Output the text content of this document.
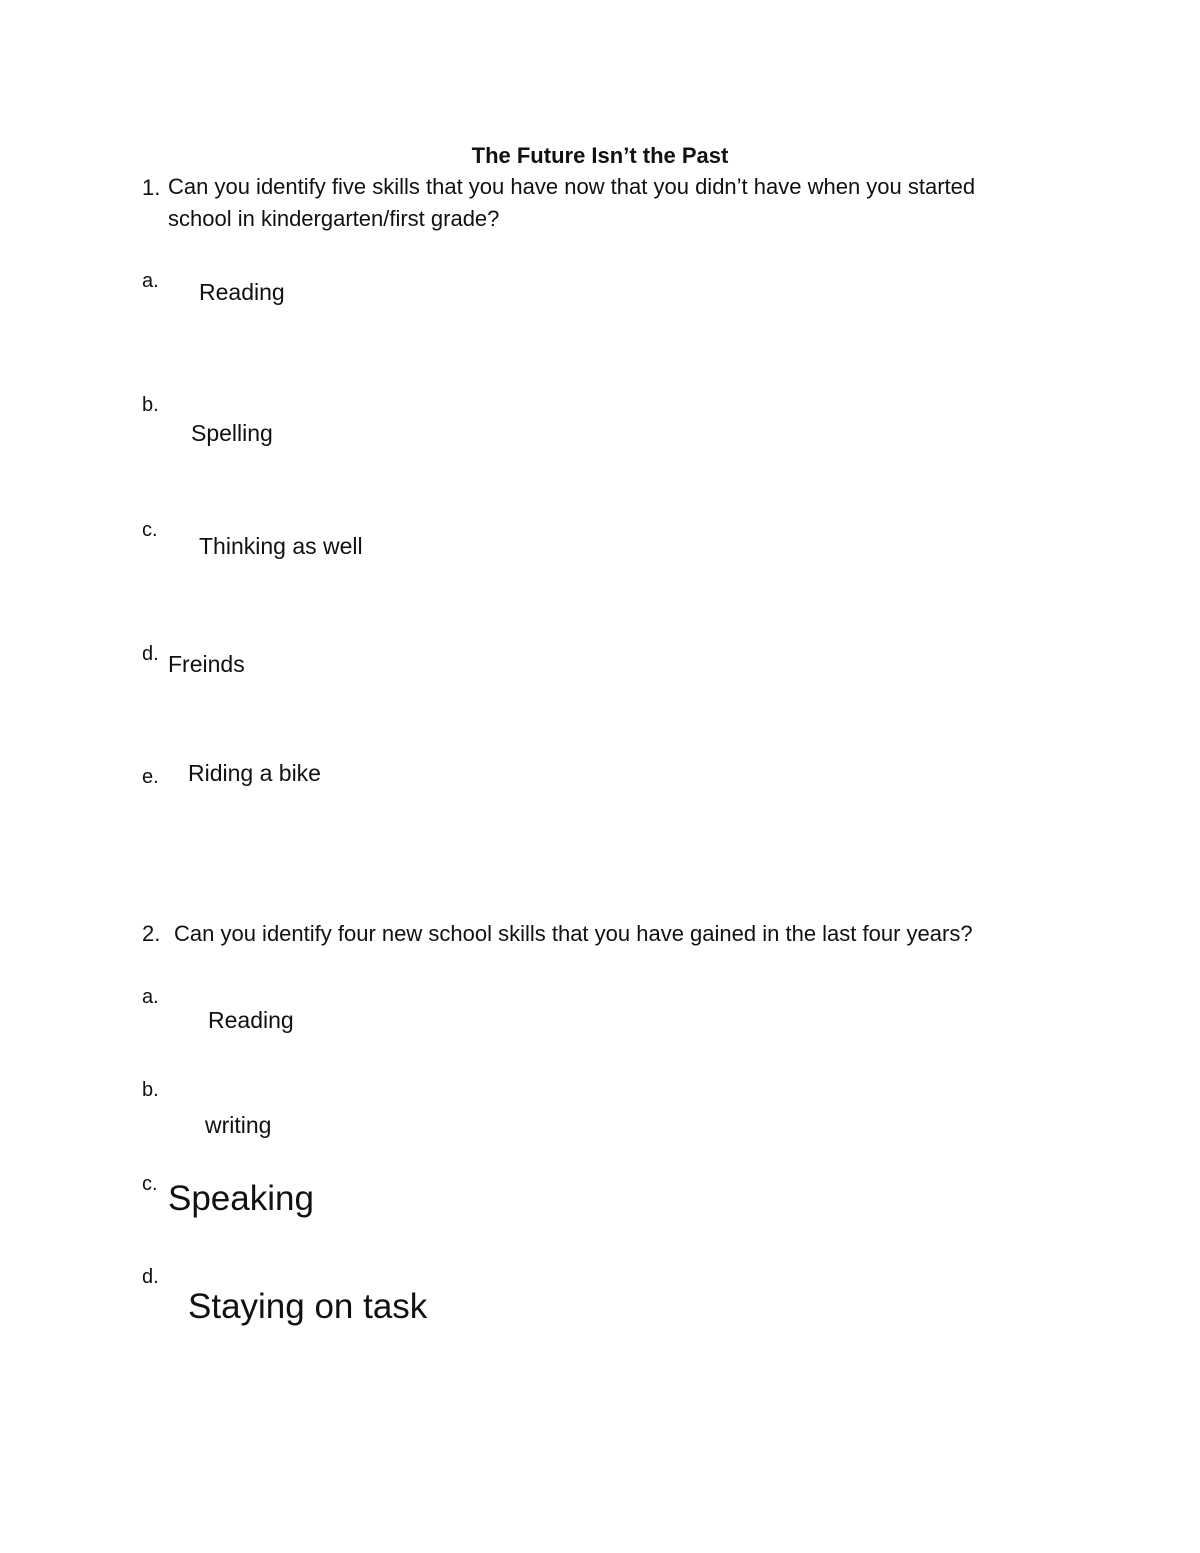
The Future Isn’t the Past
1. Can you identify five skills that you have now that you didn’t have when you started
school in kindergarten/first grade?
a. Reading
b.
Spelling
c.
Thinking as well
d. Freinds
e. Riding a bike
2. Can you identify four new school skills that you have gained in the last four years?
a.
Reading
b.
writing
c. Speaking
d.
Staying on task
